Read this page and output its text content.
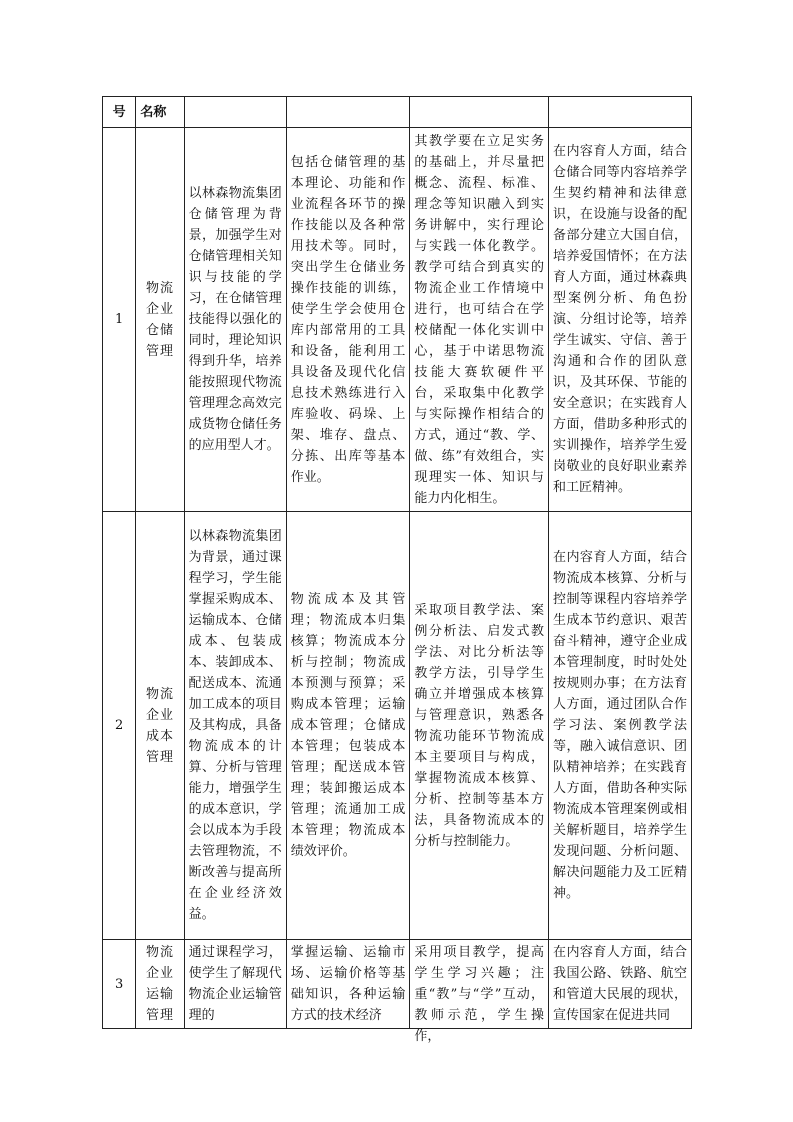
号	名称				
1	物流企业仓储管理	以林森物流集团仓储管理为背景，加强学生对仓储管理相关知识与技能的学习，在仓储管理技能得以强化的同时，理论知识得到升华，培养能按照现代物流管理理念高效完成货物仓储任务的应用型人才。	包括仓储管理的基本理论、功能和作业流程各环节的操作技能以及各种常用技术等。同时，突出学生仓储业务操作技能的训练，使学生学会使用仓库内部常用的工具和设备，能利用工具设备及现代化信息技术熟练进行入库验收、码垛、上架、堆存、盘点、分拣、出库等基本作业。	其教学要在立足实务的基础上，并尽量把概念、流程、标准、理念等知识融入到实务讲解中，实行理论与实践一体化教学。教学可结合到真实的物流企业工作情境中进行，也可结合在学校储配一体化实训中心，基于中诺思物流技能大赛软硬件平台，采取集中化教学与实际操作相结合的方式，通过“教、学、做、练”有效组合，实现理实一体、知识与能力内化相生。	在内容育人方面，结合仓储合同等内容培养学生契约精神和法律意识，在设施与设备的配备部分建立大国自信，培养爱国情怀；在方法育人方面，通过林森典型案例分析、角色扮演、分组讨论等，培养学生诚实、守信、善于沟通和合作的团队意识，及其环保、节能的安全意识；在实践育人方面，借助多种形式的实训操作，培养学生爱岗敬业的良好职业素养和工匠精神。
2	物流企业成本管理	以林森物流集团为背景，通过课程学习，学生能掌握采购成本、运输成本、仓储成本、包装成本、装卸成本、配送成本、流通加工成本的项目及其构成，具备物流成本的计算、分析与管理能力，增强学生的成本意识，学会以成本为手段去管理物流，不断改善与提高所在企业经济效益。	物流成本及其管理；物流成本归集核算；物流成本分析与控制；物流成本预测与预算；采购成本管理；运输成本管理；仓储成本管理；包装成本管理；配送成本管理；装卸搬运成本管理；流通加工成本管理；物流成本绩效评价。	采取项目教学法、案例分析法、启发式教学法、对比分析法等教学方法，引导学生确立并增强成本核算与管理意识，熟悉各物流功能环节物流成本主要项目与构成，掌握物流成本核算、分析、控制等基本方法，具备物流成本的分析与控制能力。	在内容育人方面，结合物流成本核算、分析与控制等课程内容培养学生成本节约意识、艰苦奋斗精神，遵守企业成本管理制度，时时处处按规则办事；在方法育人方面，通过团队合作学习法、案例教学法等，融入诚信意识、团队精神培养；在实践育人方面，借助各种实际物流成本管理案例或相关解析题目，培养学生发现问题、分析问题、解决问题能力及工匠精神。
3	物流企业运输管理	通过课程学习，使学生了解现代物流企业运输管理的	掌握运输、运输市场、运输价格等基础知识，各种运输方式的技术经济	采用项目教学，提高学生学习兴趣；注重“教”与“学”互动，教师示范，学生操作，	在内容育人方面，结合我国公路、铁路、航空和管道大民展的现状，宣传国家在促进共同
